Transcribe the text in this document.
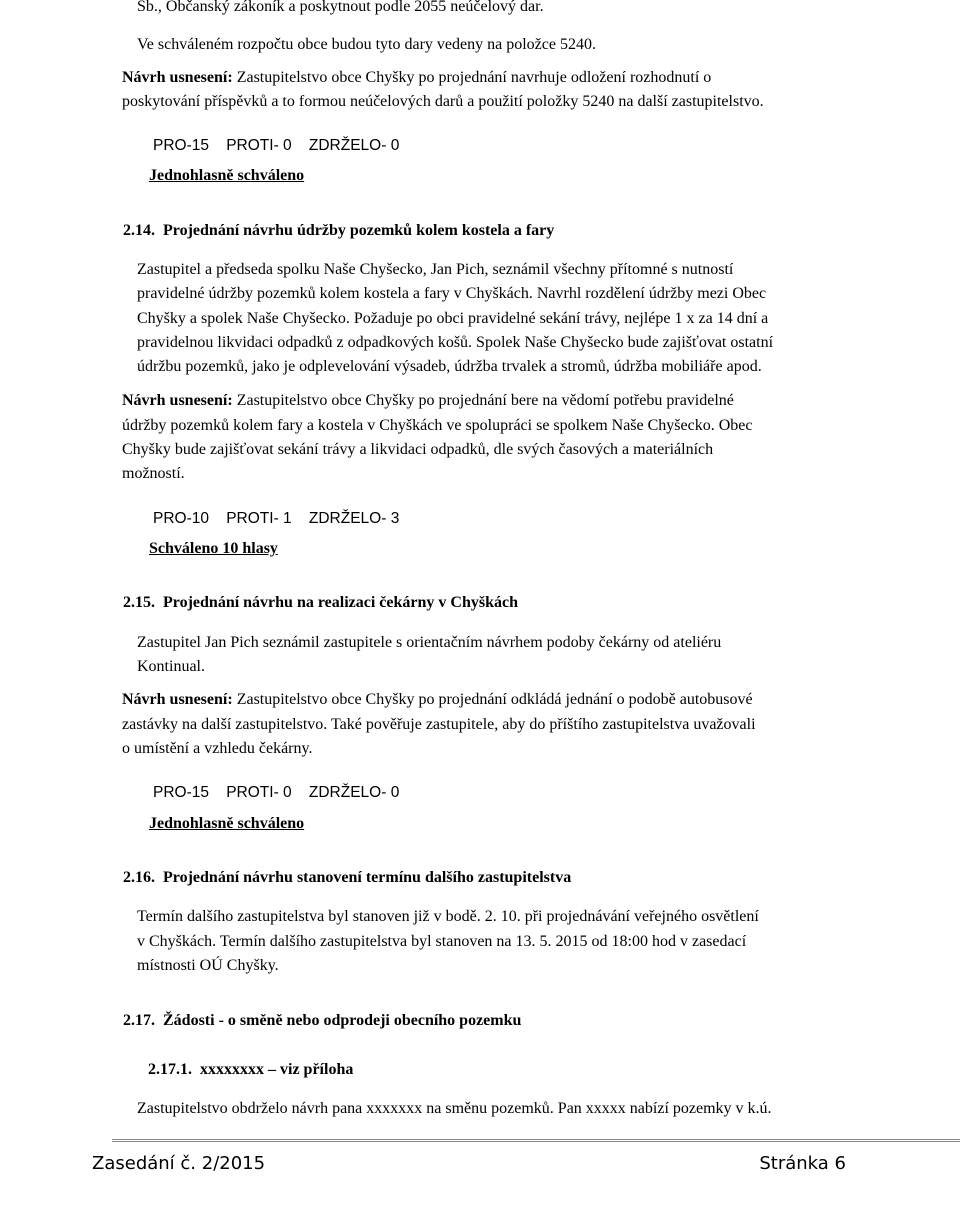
Sb., Občanský zákoník a poskytnout podle 2055 neúčelový dar.
Ve schváleném rozpočtu obce budou tyto dary vedeny na položce 5240.
Návrh usnesení: Zastupitelstvo obce Chyšky po projednání navrhuje odložení rozhodnutí o
poskytování příspěvků a to formou neúčelových darů a použití položky 5240 na další zastupitelstvo.
PRO-15    PROTI- 0    ZDRŽELO- 0
Jednohlasně schváleno
2.14.  Projednání návrhu údržby pozemků kolem kostela a fary
Zastupitel a předseda spolku Naše Chyšecko, Jan Pich, seznámil všechny přítomné s nutností
pravidelné údržby pozemků kolem kostela a fary v Chyškách. Navrhl rozdělení údržby mezi Obec
Chyšky a spolek Naše Chyšecko. Požaduje po obci pravidelné sekání trávy, nejlépe 1 x za 14 dní a
pravidelnou likvidaci odpadků z odpadkových košů. Spolek Naše Chyšecko bude zajišťovat ostatní
údržbu pozemků, jako je odplevelování výsadeb, údržba trvalek a stromů, údržba mobiliáře apod.
Návrh usnesení: Zastupitelstvo obce Chyšky po projednání bere na vědomí potřebu pravidelné
údržby pozemků kolem fary a kostela v Chyškách ve spolupráci se spolkem Naše Chyšecko. Obec
Chyšky bude zajišťovat sekání trávy a likvidaci odpadků, dle svých časových a materiálních
možností.
PRO-10    PROTI- 1    ZDRŽELO- 3
Schváleno 10 hlasy
2.15.  Projednání návrhu na realizaci čekárny v Chyškách
Zastupitel Jan Pich seznámil zastupitele s orientačním návrhem podoby čekárny od ateliéru
Kontinual.
Návrh usnesení: Zastupitelstvo obce Chyšky po projednání odkládá jednání o podobě autobusové
zastávky na další zastupitelstvo. Také pověřuje zastupitele, aby do příštího zastupitelstva uvažovali
o umístění a vzhledu čekárny.
PRO-15    PROTI- 0    ZDRŽELO- 0
Jednohlasně schváleno
2.16.  Projednání návrhu stanovení termínu dalšího zastupitelstva
Termín dalšího zastupitelstva byl stanoven již v bodě. 2. 10. při projednávání veřejného osvětlení
v Chyškách. Termín dalšího zastupitelstva byl stanoven na 13. 5. 2015 od 18:00 hod v zasedací
místnosti OÚ Chyšky.
2.17.  Žádosti - o směně nebo odprodeji obecního pozemku
2.17.1.  xxxxxxxx – viz příloha
Zastupitelstvo obdrželo návrh pana xxxxxxx na směnu pozemků. Pan xxxxx nabízí pozemky v k.ú.
Zasedání č. 2/2015	Stránka 6
